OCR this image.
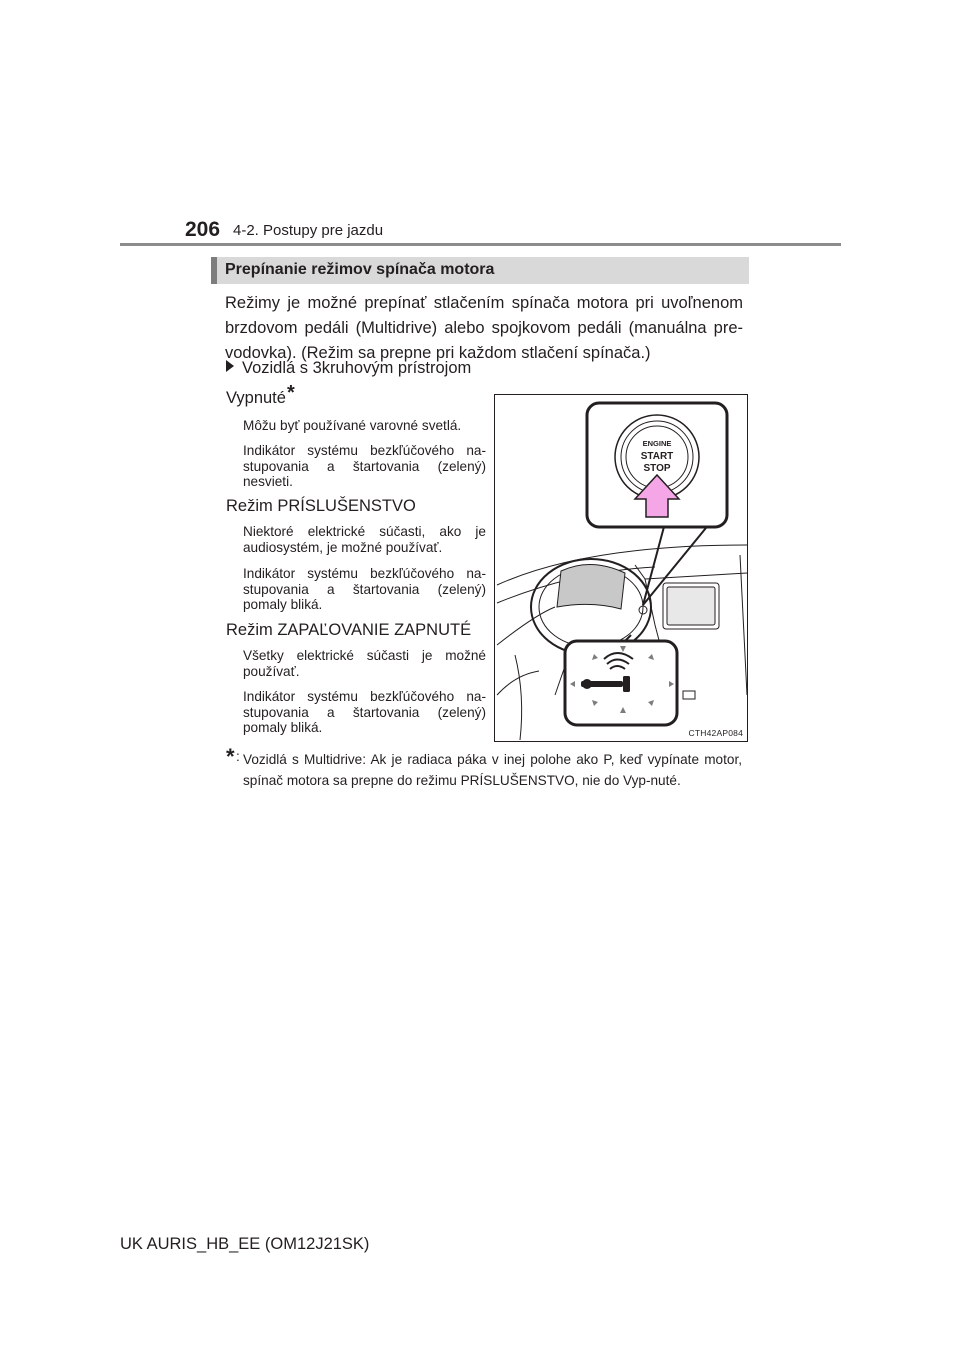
206 4-2. Postupy pre jazdu
Prepínanie režimov spínača motora
Režimy je možné prepínať stlačením spínača motora pri uvoľnenom brzdovom pedáli (Multidrive) alebo spojkovom pedáli (manuálna pre-vodovka). (Režim sa prepne pri každom stlačení spínača.)
Vozidlá s 3kruhovým prístrojom
Vypnuté*
Môžu byť používané varovné svetlá.
Indikátor systému bezkľúčového na-stupovania a štartovania (zelený) nesvieti.
Režim PRÍSLUŠENSTVO
Niektoré elektrické súčasti, ako je audiosystém, je možné používať.
Indikátor systému bezkľúčového na-stupovania a štartovania (zelený) pomaly bliká.
Režim ZAPAĽOVANIE ZAPNUTÉ
Všetky elektrické súčasti je možné používať.
Indikátor systému bezkľúčového na-stupovania a štartovania (zelený) pomaly bliká.
ENGINE
START
STOP
CTH42AP084
* : Vozidlá s Multidrive: Ak je radiaca páka v inej polohe ako P, keď vypínate motor, spínač motora sa prepne do režimu PRÍSLUŠENSTVO, nie do Vyp-nuté.
UK AURIS_HB_EE (OM12J21SK)
